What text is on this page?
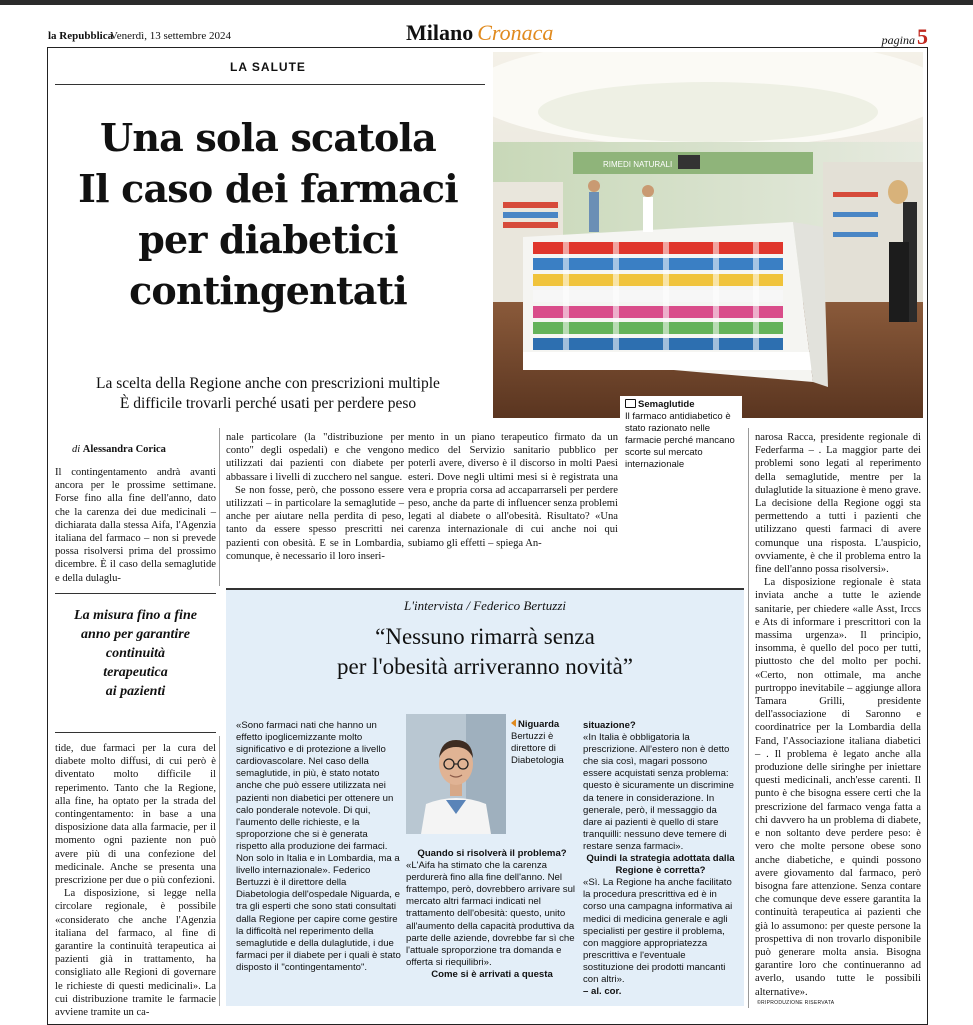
la Repubblica
Venerdì, 13 settembre 2024	Milano Cronaca	pagina5
LA SALUTE
Una sola scatola
Il caso dei farmaci
per diabetici
contingentati
La scelta della Regione anche con prescrizioni multiple
È difficile trovarli perché usati per perdere peso
RIMEDI NATURALI
Semaglutide
Il farmaco antidiabetico è stato razionato nelle farmacie perché mancano scorte sul mercato internazionale
di Alessandra Corica

Il contingentamento andrà avanti ancora per le prossime settimane. Forse fino alla fine dell'anno, dato che la carenza dei due medicinali – dichiarata dalla stessa Aifa, l'Agenzia italiana del farmaco – non si prevede possa risolversi prima del prossimo dicembre. È il caso della semaglutide e della dulaglu-

La misura fino a fine
anno per garantire
continuità
terapeutica
ai pazienti

tide, due farmaci per la cura del diabete molto diffusi, di cui però è diventato molto difficile il reperimento. Tanto che la Regione, alla fine, ha optato per la strada del contingentamento: in base a una disposizione data alla farmacie, per il momento ogni paziente non può avere più di una confezione del medicinale. Anche se presenta una prescrizione per due o più confezioni.

La disposizione, si legge nella circolare regionale, è possibile «considerato che anche l'Agenzia italiana del farmaco, al fine di garantire la continuità terapeutica ai pazienti già in trattamento, ha consigliato alle Regioni di governare le richieste di questi medicinali». La cui distribuzione tramite le farmacie avviene tramite un ca-

nale particolare (la "distribuzione per conto" degli ospedali) e che vengono utilizzati dai pazienti con diabete per abbassare i livelli di zucchero nel sangue.

Se non fosse, però, che possono essere utilizzati – in particolare la semaglutide – anche per aiutare nella perdita di peso, tanto da essere spesso prescritti nei pazienti con obesità. E se in Lombardia, comunque, è necessario il loro inseri-

mento in un piano terapeutico firmato da un medico del Servizio sanitario pubblico per poterli avere, diverso è il discorso in molti Paesi esteri. Dove negli ultimi mesi si è registrata una vera e propria corsa ad accaparrarseli per perdere peso, anche da parte di influencer senza problemi legati al diabete o all'obesità. Risultato? «Una carenza internazionale di cui anche noi qui subiamo gli effetti – spiega An-

narosa Racca, presidente regionale di Federfarma – . La maggior parte dei problemi sono legati al reperimento della semaglutide, mentre per la dulaglutide la situazione è meno grave. La decisione della Regione oggi sta permettendo a tutti i pazienti che utilizzano questi farmaci di avere comunque una risposta. L'auspicio, ovviamente, è che il problema entro la fine dell'anno possa risolversi».

La disposizione regionale è stata inviata anche a tutte le aziende sanitarie, per chiedere «alle Asst, Irccs e Ats di informare i prescrittori con la massima urgenza». Il principio, insomma, è quello del poco per tutti, piuttosto che del molto per pochi. «Certo, non ottimale, ma anche purtroppo inevitabile – aggiunge allora Tamara Grilli, presidente dell'associazione di Saronno e coordinatrice per la Lombardia della Fand, l'Associazione italiana diabetici – . Il problema è legato anche alla produzione delle siringhe per iniettare questi medicinali, anch'esse carenti. Il punto è che bisogna essere certi che la prescrizione del farmaco venga fatta a chi davvero ha un problema di diabete, e non soltanto deve perdere peso: è vero che molte persone obese sono anche diabetiche, e quindi possono avere giovamento dal farmaco, però bisogna fare attenzione. Senza contare che comunque deve essere garantita la continuità terapeutica ai pazienti che già lo assumono: per queste persone la prospettiva di non trovarlo disponibile può generare molta ansia. Bisogna garantire loro che continueranno ad averlo, usando tutte le possibili alternative».

L'intervista / Federico Bertuzzi
“Nessuno rimarrà senza
per l'obesità arriveranno novità”

«Sono farmaci nati che hanno un effetto ipoglicemizzante molto significativo e di protezione a livello cardiovascolare. Nel caso della semaglutide, in più, è stato notato anche che può essere utilizzata nei pazienti non diabetici per ottenere un calo ponderale notevole. Di qui, l'aumento delle richieste, e la sproporzione che si è generata rispetto alla produzione dei farmaci. Non solo in Italia e in Lombardia, ma a livello internazionale». Federico Bertuzzi è il direttore della Diabetologia dell'ospedale Niguarda, e tra gli esperti che sono stati consultati dalla Regione per capire come gestire la difficoltà nel reperimento della semaglutide e della dulaglutide, i due farmaci per il diabete per i quali è stato disposto il "contingentamento".

Niguarda
Bertuzzi è direttore di Diabetologia

Quando si risolverà il problema?

«L'Aifa ha stimato che la carenza perdurerà fino alla fine dell'anno. Nel frattempo, però, dovrebbero arrivare sul mercato altri farmaci indicati nel trattamento dell'obesità: questo, unito all'aumento della capacità produttiva da parte delle aziende, dovrebbe far sì che l'attuale sproporzione tra domanda e offerta si riequilibri».

Come si è arrivati a questa

situazione?

«In Italia è obbligatoria la prescrizione. All'estero non è detto che sia così, magari possono essere acquistati senza problema: questo è sicuramente un discrimine da tenere in considerazione. In generale, però, il messaggio da dare ai pazienti è quello di stare tranquilli: nessuno deve temere di restare senza farmaci».

Quindi la strategia adottata dalla Regione è corretta?

«Sì. La Regione ha anche facilitato la procedura prescrittiva ed è in corso una campagna informativa ai medici di medicina generale e agli specialisti per gestire il problema, con maggiore appropriatezza prescrittiva e l'eventuale sostituzione dei prodotti mancanti con altri».

– al. cor.

©RIPRODUZIONE RISERVATA
